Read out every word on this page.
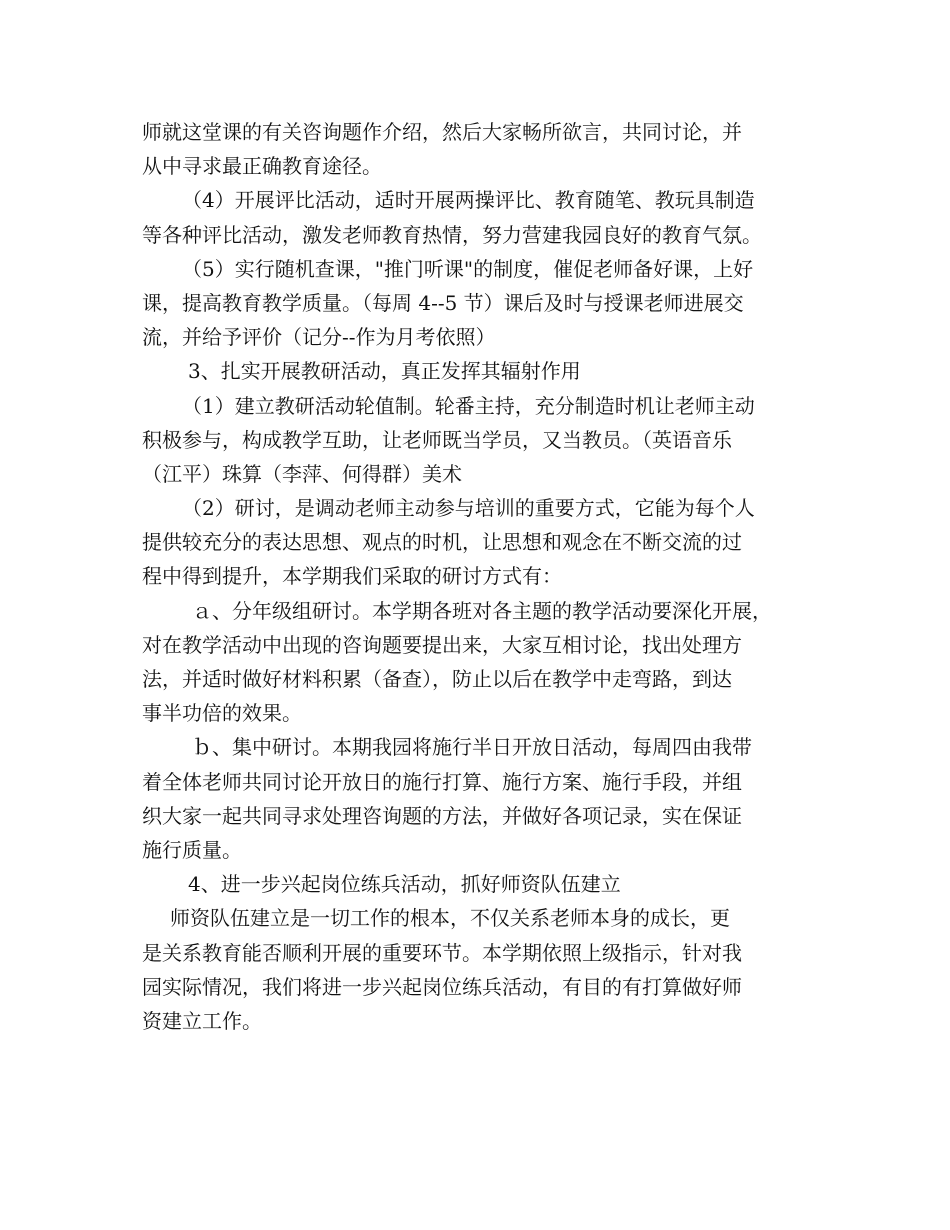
师就这堂课的有关咨询题作介绍，然后大家畅所欲言，共同讨论，并
从中寻求最正确教育途径。
（4）开展评比活动，适时开展两操评比、教育随笔、教玩具制造
等各种评比活动，激发老师教育热情，努力营建我园良好的教育气氛。
（5）实行随机查课，"推门听课"的制度，催促老师备好课，上好
课，提高教育教学质量。（每周 4--5 节）课后及时与授课老师进展交
流，并给予评价（记分--作为月考依照）
3、扎实开展教研活动，真正发挥其辐射作用
（1）建立教研活动轮值制。轮番主持，充分制造时机让老师主动
积极参与，构成教学互助，让老师既当学员，又当教员。（英语音乐
（江平）珠算（李萍、何得群）美术
（2）研讨，是调动老师主动参与培训的重要方式，它能为每个人
提供较充分的表达思想、观点的时机，让思想和观念在不断交流的过
程中得到提升，本学期我们采取的研讨方式有：
ａ、分年级组研讨。本学期各班对各主题的教学活动要深化开展，
对在教学活动中出现的咨询题要提出来，大家互相讨论，找出处理方
法，并适时做好材料积累（备查），防止以后在教学中走弯路，到达
事半功倍的效果。
ｂ、集中研讨。本期我园将施行半日开放日活动，每周四由我带
着全体老师共同讨论开放日的施行打算、施行方案、施行手段，并组
织大家一起共同寻求处理咨询题的方法，并做好各项记录，实在保证
施行质量。
4、进一步兴起岗位练兵活动，抓好师资队伍建立
师资队伍建立是一切工作的根本，不仅关系老师本身的成长，更
是关系教育能否顺利开展的重要环节。本学期依照上级指示，针对我
园实际情况，我们将进一步兴起岗位练兵活动，有目的有打算做好师
资建立工作。
